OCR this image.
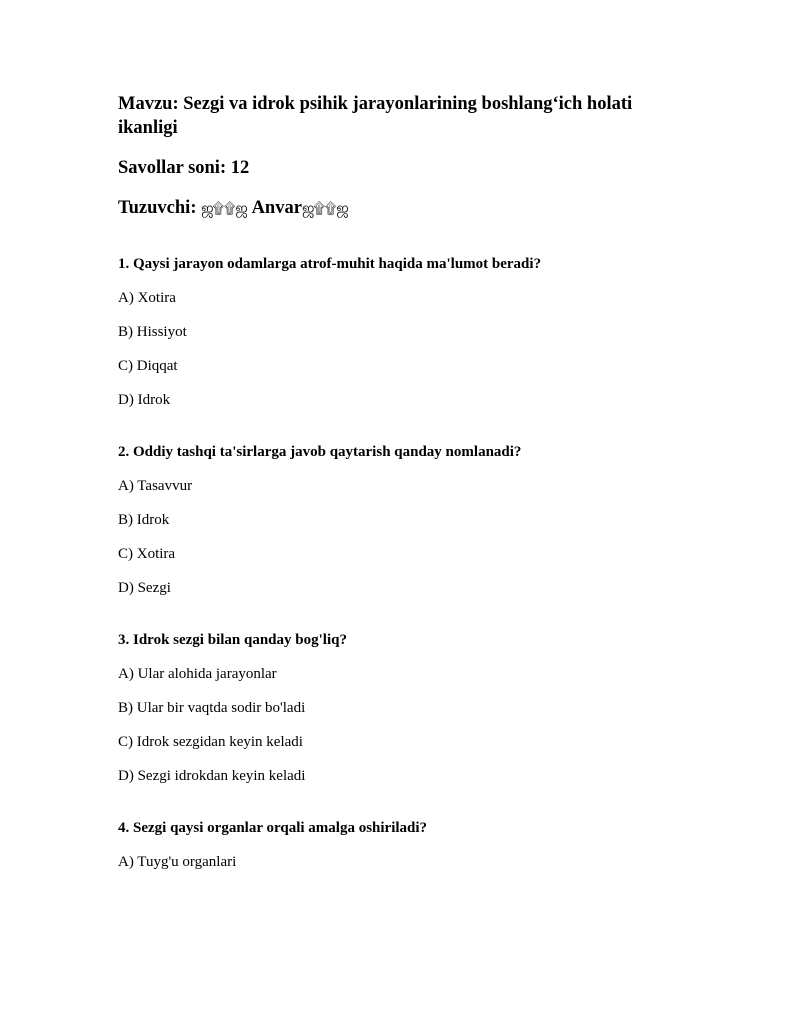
Mavzu: Sezgi va idrok psihik jarayonlarining boshlang‘ich holati ikanligi
Savollar soni: 12
Tuzuvchi: ஜ۩۩ஜ Anvarஜ۩۩ஜ
1. Qaysi jarayon odamlarga atrof-muhit haqida ma'lumot beradi?
A) Xotira
B) Hissiyot
C) Diqqat
D) Idrok
2. Oddiy tashqi ta'sirlarga javob qaytarish qanday nomlanadi?
A) Tasavvur
B) Idrok
C) Xotira
D) Sezgi
3. Idrok sezgi bilan qanday bog'liq?
A) Ular alohida jarayonlar
B) Ular bir vaqtda sodir bo'ladi
C) Idrok sezgidan keyin keladi
D) Sezgi idrokdan keyin keladi
4. Sezgi qaysi organlar orqali amalga oshiriladi?
A) Tuyg'u organlari
